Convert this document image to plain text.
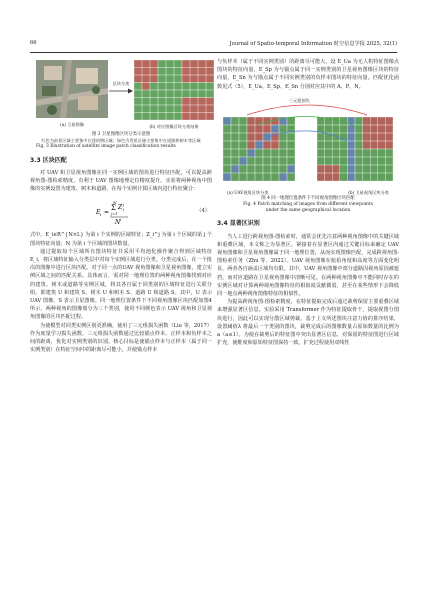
66	Journal of Spatio-temporal Information 时空信息学报 2025, 32(1)
(a) 卫星图像
区块分类
(b) 对应图像区块分类结果
图 3 卫星图像区块分类示意图
红色为前景区域主要集中在建筑物区域；绿色为背景区域主要集中在道路和树木等区域
Fig. 3 Illustration of satellite image patch classification results
3.3 区块匹配

对 UAV 和卫星视角图像在同一实例区域的图块进行特征匹配，可以提高跨视角图-图检索精度，有利于 UAV 图像地理定位精度提升。实验将两种视角中图像的实例设置为建筑、树木和道路，在每个实例计算区域内进行特征聚合：

E i =
N
Σ
j=1
Z j
i
N i
（4）

式中，E_i∈R^{N×L} 为第 i 个实例的区域特征；Z_i^j 为第 i 个区域的第 j 个图块特征向量；N 为第 i 个区域的图块数量。

通过提取每个区域所有图块特征并采用平均池化操作聚合得到区域特征 E_i，将区域特征输入分类层中对每个实例区域进行分类。分类完成后，在一个批次的图像中进行区块匹配。对于同一点的UAV 视角图像和卫星视角图像，建立实例区域之间的匹配关系。具体而言，需对同一地理位置的两种视角图像找到对应的建筑、树木或道路等实例区域，将其各自属于同类别的区域特征进行关联分组，即建筑 U 和建筑 S、树木 U 和树木 S、道路 U 和道路 S。其中，U 表示 UAV 图像，S 表示卫星图像。同一地理位置条件下不同视角图像区块匹配如图4所示。两种视角的图像划分为三个类别，使用不同颜色表示 UAV 视角和卫星视角图像的区块匹配过程。

为使模型对同类实例区别更准确，使用了三元组损失函数（Liu 等，2017）作为度量学习损失函数。三元组损失函数通过比较锚点样本、正样本和负样本之间的距离，优化对实例类别的识别。核心目标是使锚点样本与正样本（属于同一实例类别）在特征空间中的距离尽可能小，并使锚点样本

与负样本（属于不同实例类别）的距离尽可能大。设 E_Ua 为无人机特征图像点图块的特征向量，E_Sp 为与锚点属于同一实例类别的卫星视角图像区块的特征向量，E_Sn 为与锚点属于不同实例类别的负样本图块的特征向量。匹配优化函数见式（5），E_Ua、E_Sp、E_Sn 分别对应其中的 A、P、N。

三元组损失
(a) UAV视角区块分类	(b) 卫星视角区块分类
图 4 同一地理位置条件下不同视角图像区块匹配
Fig. 4 Patch matching of images from different viewpoints
under the same geographical location
3.4 显著区识别

当人工进行跨视角图-图检索时，通常会优先注意两种视角图像中的关键区域和重叠区域，本文称之为显著区。紧接着在显著区内通过关键目标来确定 UAV 视角图像和卫星视角图像属于同一地理位置，从而实现图像匹配，完成跨视角图-图检索任务（Zhu 等，2022）。UAV 视角图像在航拍角度和高度等方面变化明显，两者各自涵盖区域均有限。其中，UAV 视角图像中部分道路因视角原因被遮挡，而对应道路在卫星视角图像中清晰可见。在两种视角图像中不能同时存在的实例区域对计算两种视角图像特征的相似度贡献微弱，甚至在某些情形下会降低同一地点两种视角图像特征的相似性。

为提高跨视角图-图检索精度，在特征提取完成后通过裁剪保留主要重叠区域来增强显著区信息。实验采用 Transformer 作为特征提取骨干，提取视图分图块进行，因此可以实现分散区域剪裁。基于上文所述图块注意力值的排序结果，设置阈值λ 将最后一个类别的图块，裁剪完成后的图像数量占原始数量的比例为 a（a≤1）。为使在裁剪后的特征图中突出显著区信息，对保留的特征图进行区域扩充，使维度和原始特征图保持一致。扩充过程使用双线性
